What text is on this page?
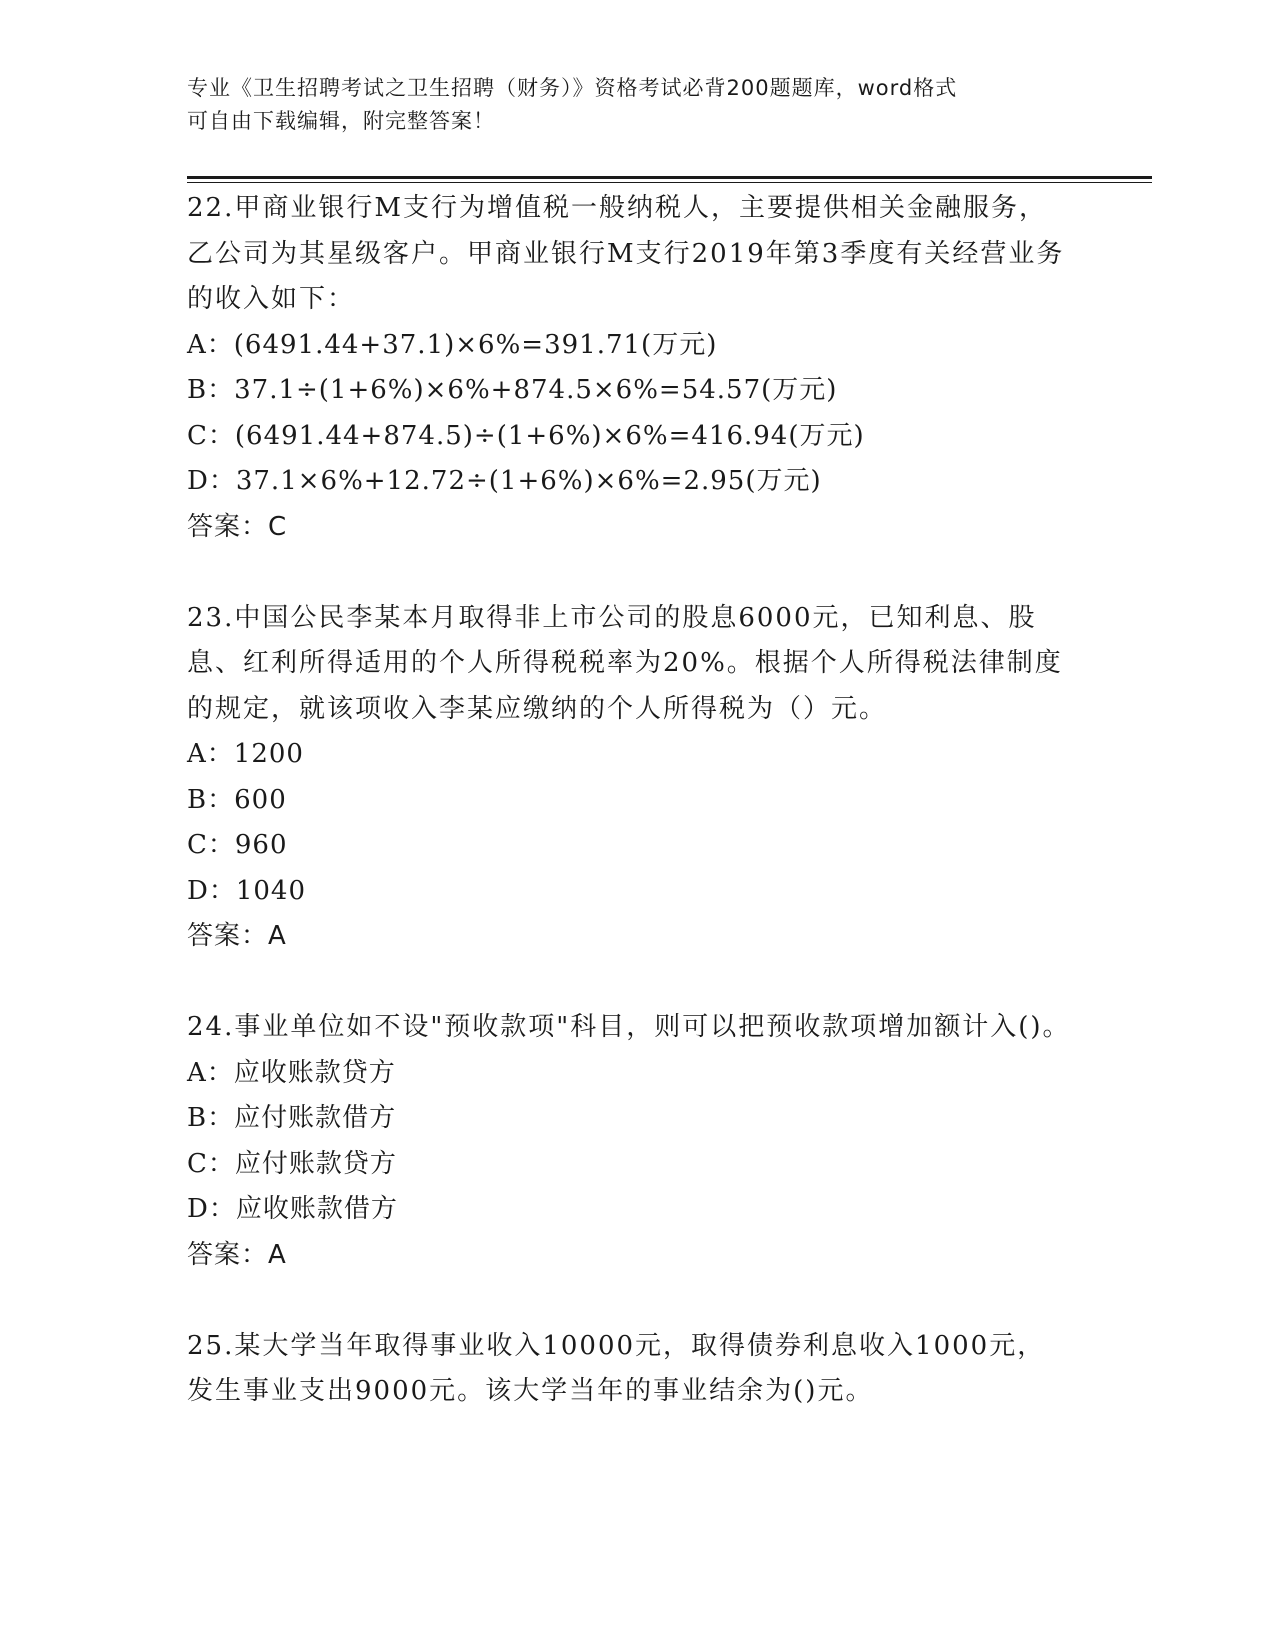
专业《卫生招聘考试之卫生招聘（财务）》资格考试必背200题题库，word格式
可自由下载编辑，附完整答案！

22.甲商业银行M支行为增值税一般纳税人，主要提供相关金融服务，乙公司为其星级客户。甲商业银行M支行2019年第3季度有关经营业务的收入如下：

A：(6491.44+37.1)×6%=391.71(万元)

B：37.1÷(1+6%)×6%+874.5×6%=54.57(万元)

C：(6491.44+874.5)÷(1+6%)×6%=416.94(万元)

D：37.1×6%+12.72÷(1+6%)×6%=2.95(万元)

答案：C

23.中国公民李某本月取得非上市公司的股息6000元，已知利息、股息、红利所得适用的个人所得税税率为20%。根据个人所得税法律制度的规定，就该项收入李某应缴纳的个人所得税为（）元。

A：1200

B：600

C：960

D：1040

答案：A

24.事业单位如不设"预收款项"科目，则可以把预收款项增加额计入()。

A：应收账款贷方

B：应付账款借方

C：应付账款贷方

D：应收账款借方

答案：A

25.某大学当年取得事业收入10000元，取得债券利息收入1000元，发生事业支出9000元。该大学当年的事业结余为()元。
